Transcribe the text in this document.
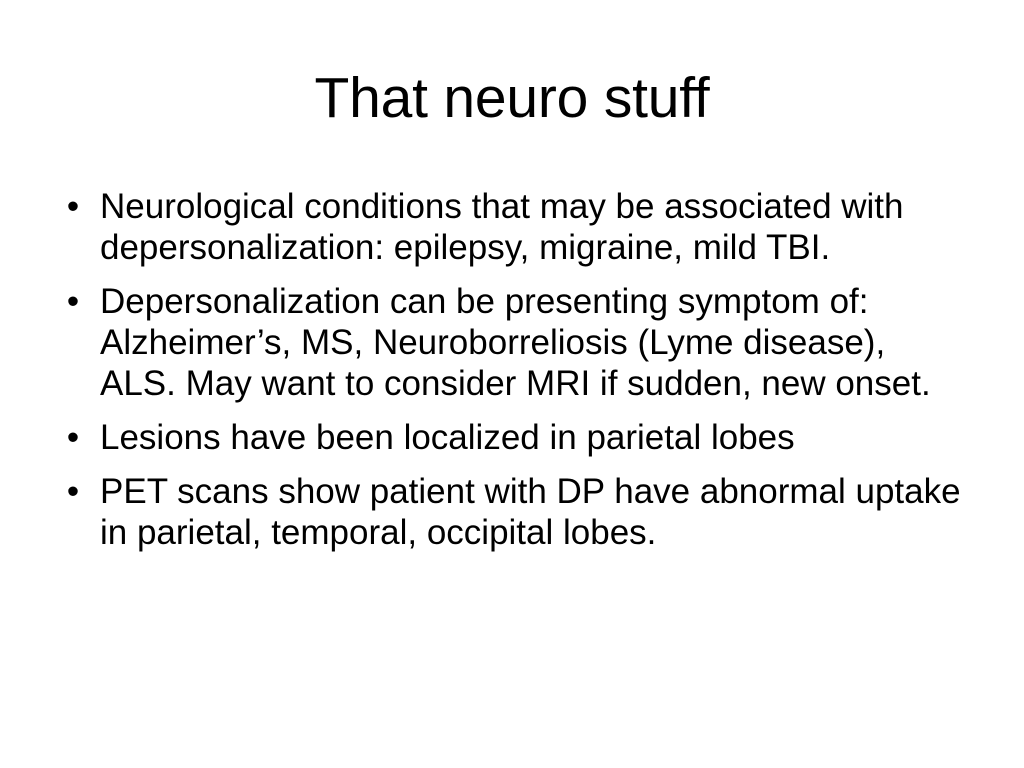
That neuro stuff
• Neurological conditions that may be associated with depersonalization: epilepsy, migraine, mild TBI.
• Depersonalization can be presenting symptom of: Alzheimer’s, MS, Neuroborreliosis (Lyme disease), ALS. May want to consider MRI if sudden, new onset.
• Lesions have been localized in parietal lobes
• PET scans show patient with DP have abnormal uptake in parietal, temporal, occipital lobes.
